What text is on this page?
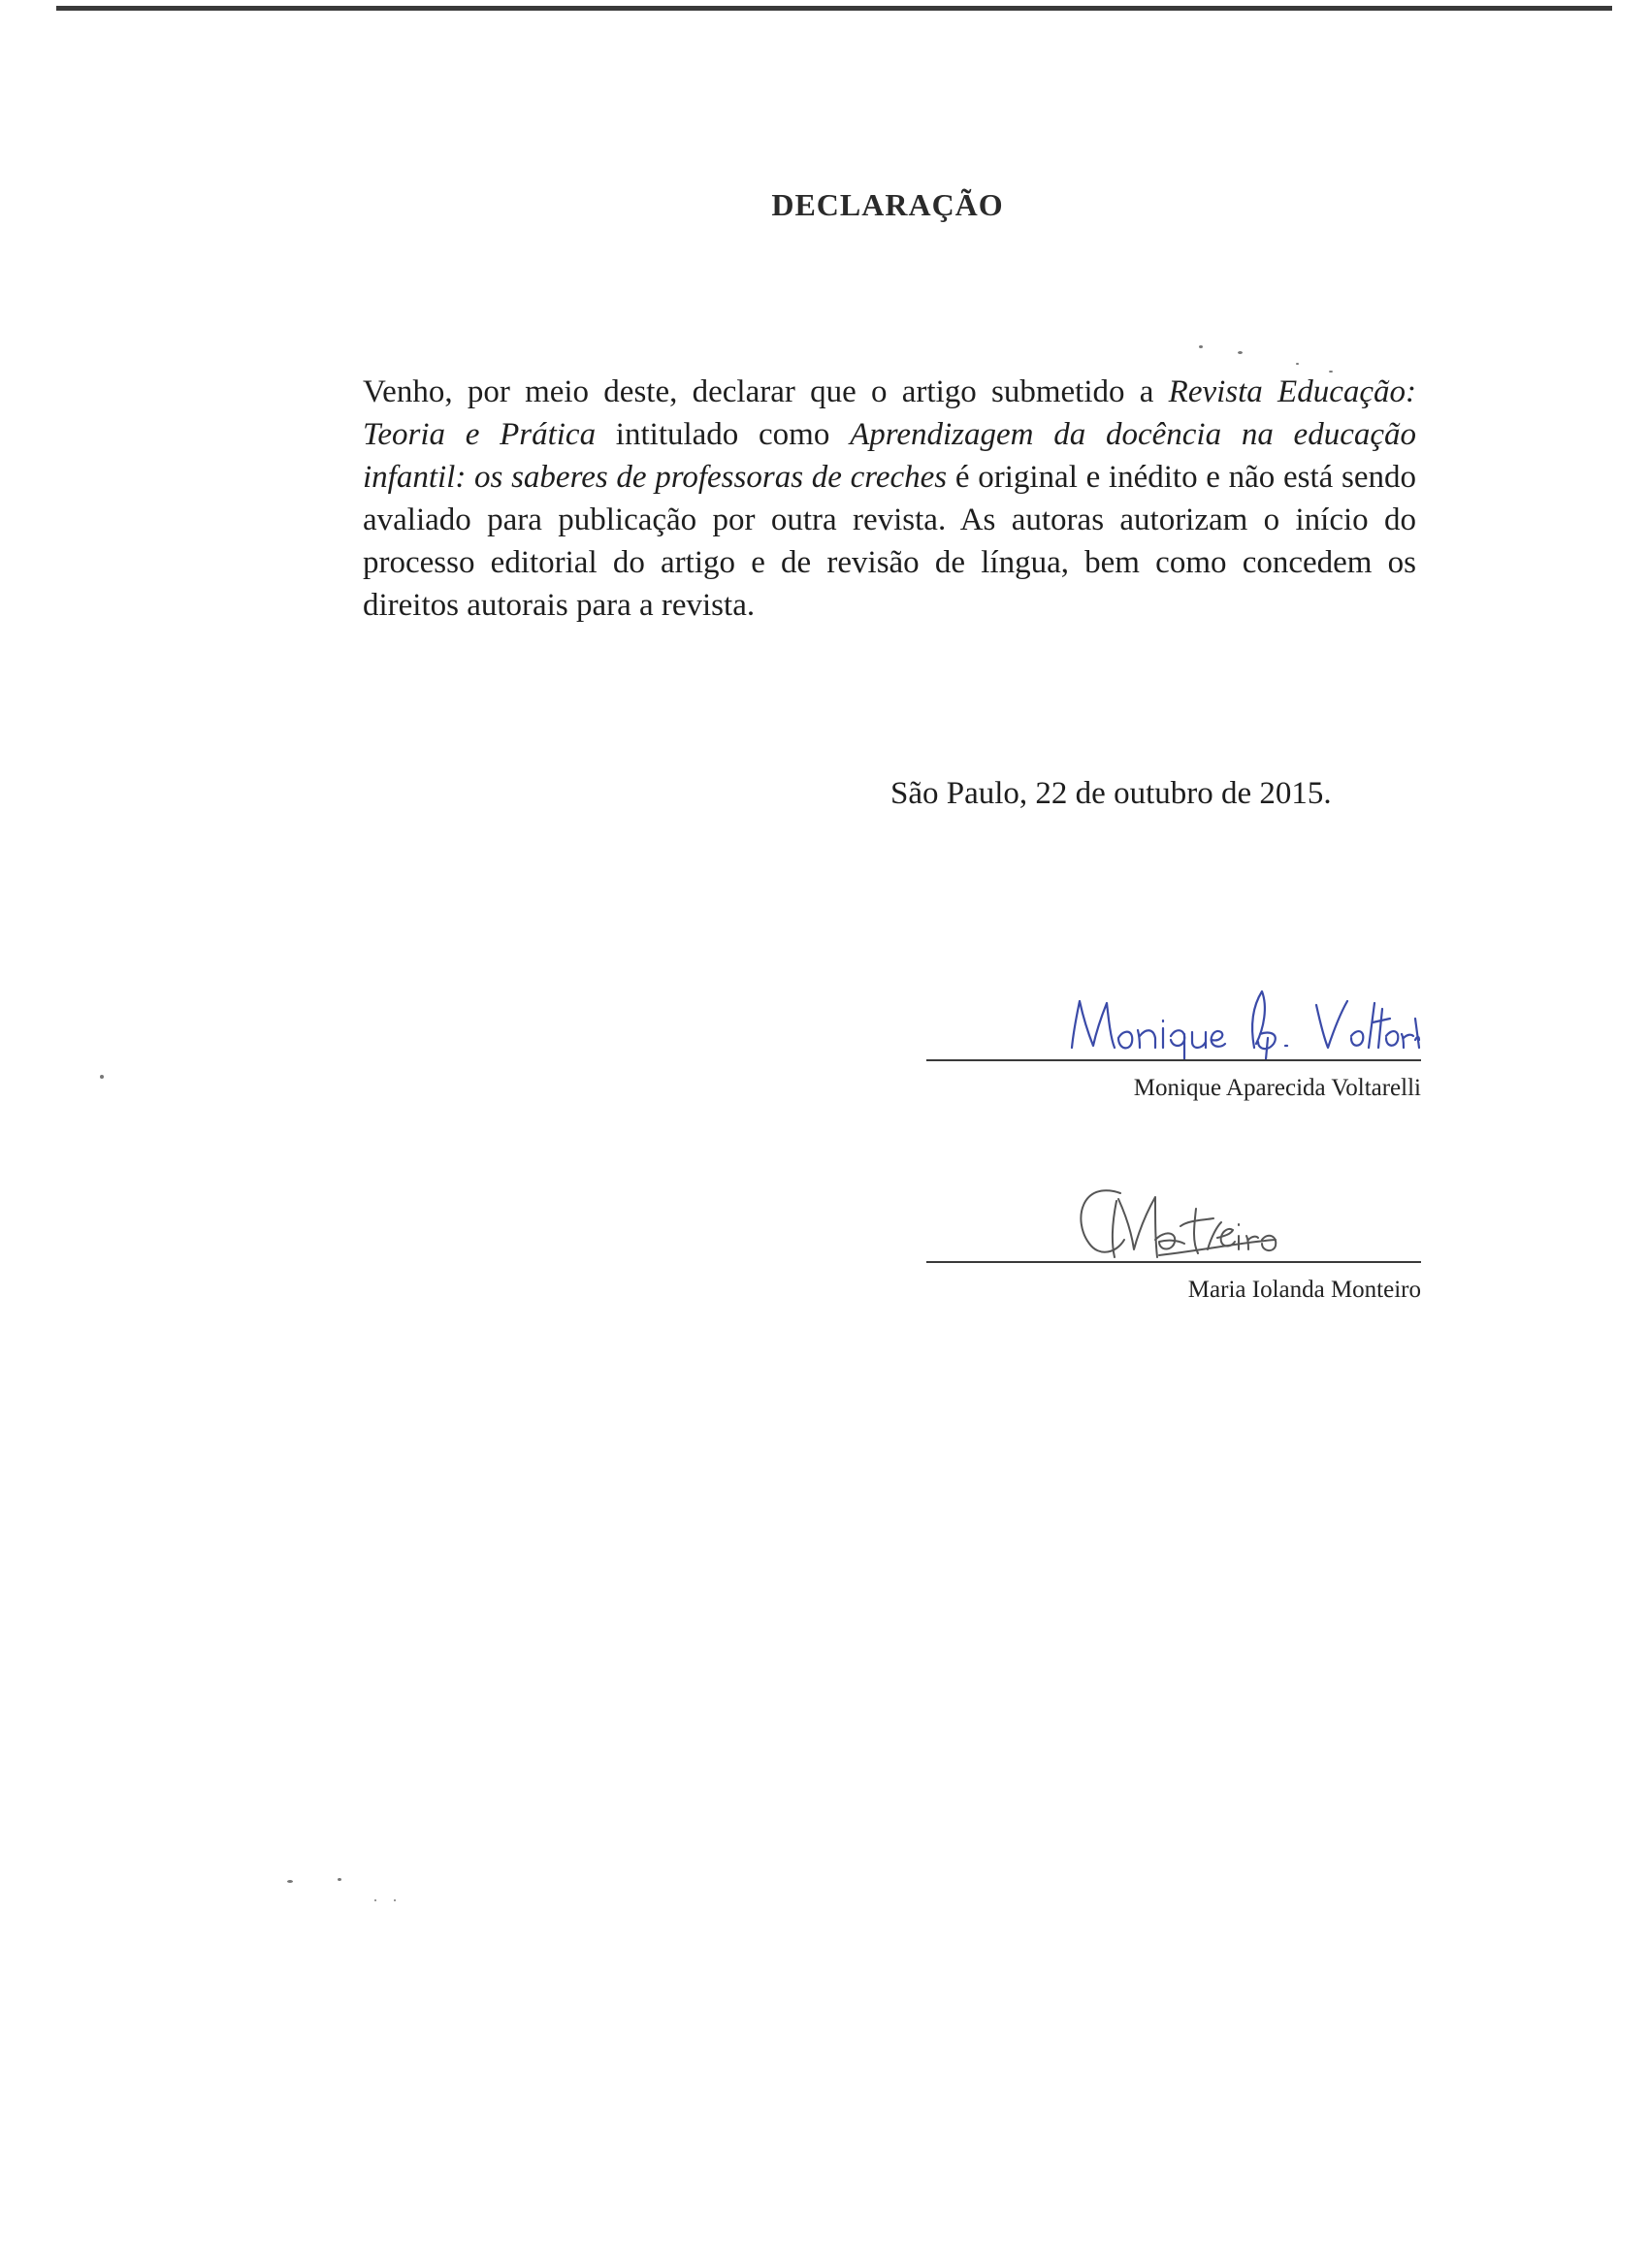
DECLARAÇÃO
Venho, por meio deste, declarar que o artigo submetido a Revista Educação: Teoria e Prática intitulado como Aprendizagem da docência na educação infantil: os saberes de professoras de creches é original e inédito e não está sendo avaliado para publicação por outra revista. As autoras autorizam o início do processo editorial do artigo e de revisão de língua, bem como concedem os direitos autorais para a revista.
São Paulo, 22 de outubro de 2015.
Monique Aparecida Voltarelli
Maria Iolanda Monteiro
